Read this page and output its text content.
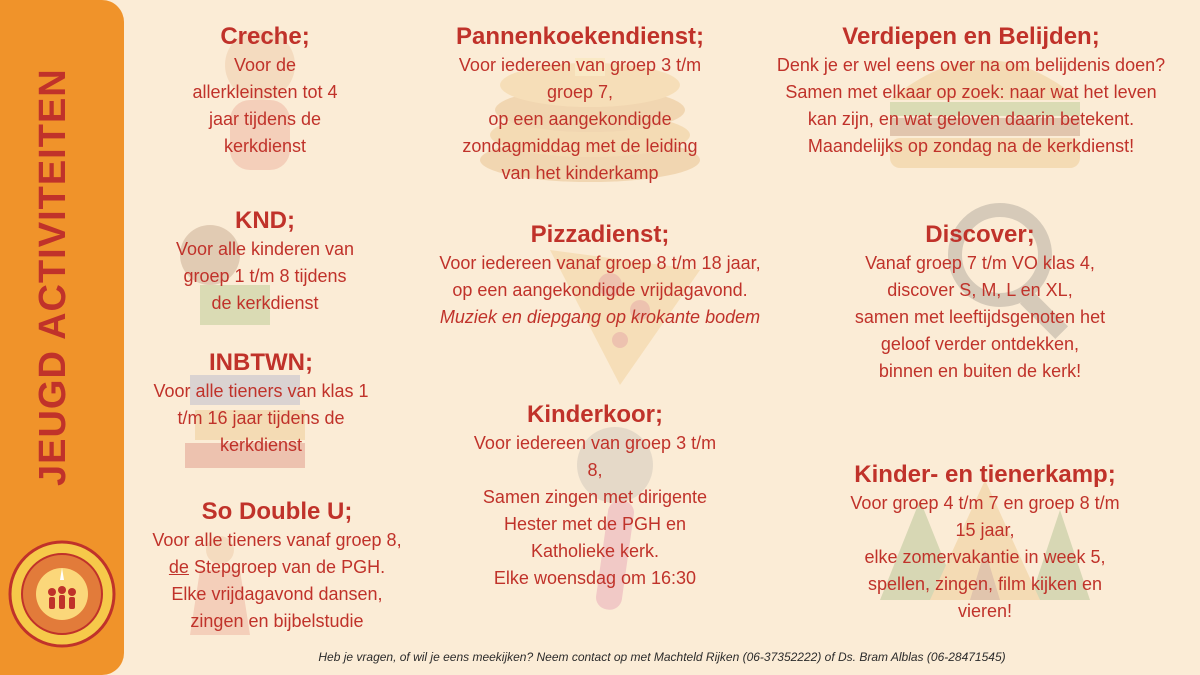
JEUGD ACTIVITEITEN
Creche;
Voor de
allerkleinsten tot 4
jaar tijdens de
kerkdienst
KND;
Voor alle kinderen van
groep 1 t/m 8 tijdens
de kerkdienst
INBTWN;
Voor alle tieners van klas 1
t/m 16 jaar tijdens de
kerkdienst
So Double U;
Voor alle tieners vanaf groep 8,
de Stepgroep van de PGH.
Elke vrijdagavond dansen,
zingen en bijbelstudie
Pannenkoekendienst;
Voor iedereen van groep 3 t/m
groep 7,
op een aangekondigde
zondagmiddag met de leiding
van het kinderkamp
Pizzadienst;
Voor iedereen vanaf groep 8 t/m 18 jaar,
op een aangekondigde vrijdagavond.
Muziek en diepgang op krokante bodem
Kinderkoor;
Voor iedereen van groep 3 t/m
8,
Samen zingen met dirigente
Hester met de PGH en
Katholieke kerk.
Elke woensdag om 16:30
Verdiepen en Belijden;
Denk je er wel eens over na om belijdenis doen?
Samen met elkaar op zoek: naar wat het leven
kan zijn, en wat geloven daarin betekent.
Maandelijks op zondag na de kerkdienst!
Discover;
Vanaf groep 7 t/m VO klas 4,
discover S, M, L en XL,
samen met leeftijdsgenoten het
geloof verder ontdekken,
binnen en buiten de kerk!
Kinder- en tienerkamp;
Voor groep 4 t/m 7 en groep 8 t/m
15 jaar,
elke zomervakantie in week 5,
spellen, zingen, film kijken en
vieren!
Heb je vragen, of wil je eens meekijken? Neem contact op met Machteld Rijken (06-37352222) of Ds. Bram Alblas (06-28471545)
